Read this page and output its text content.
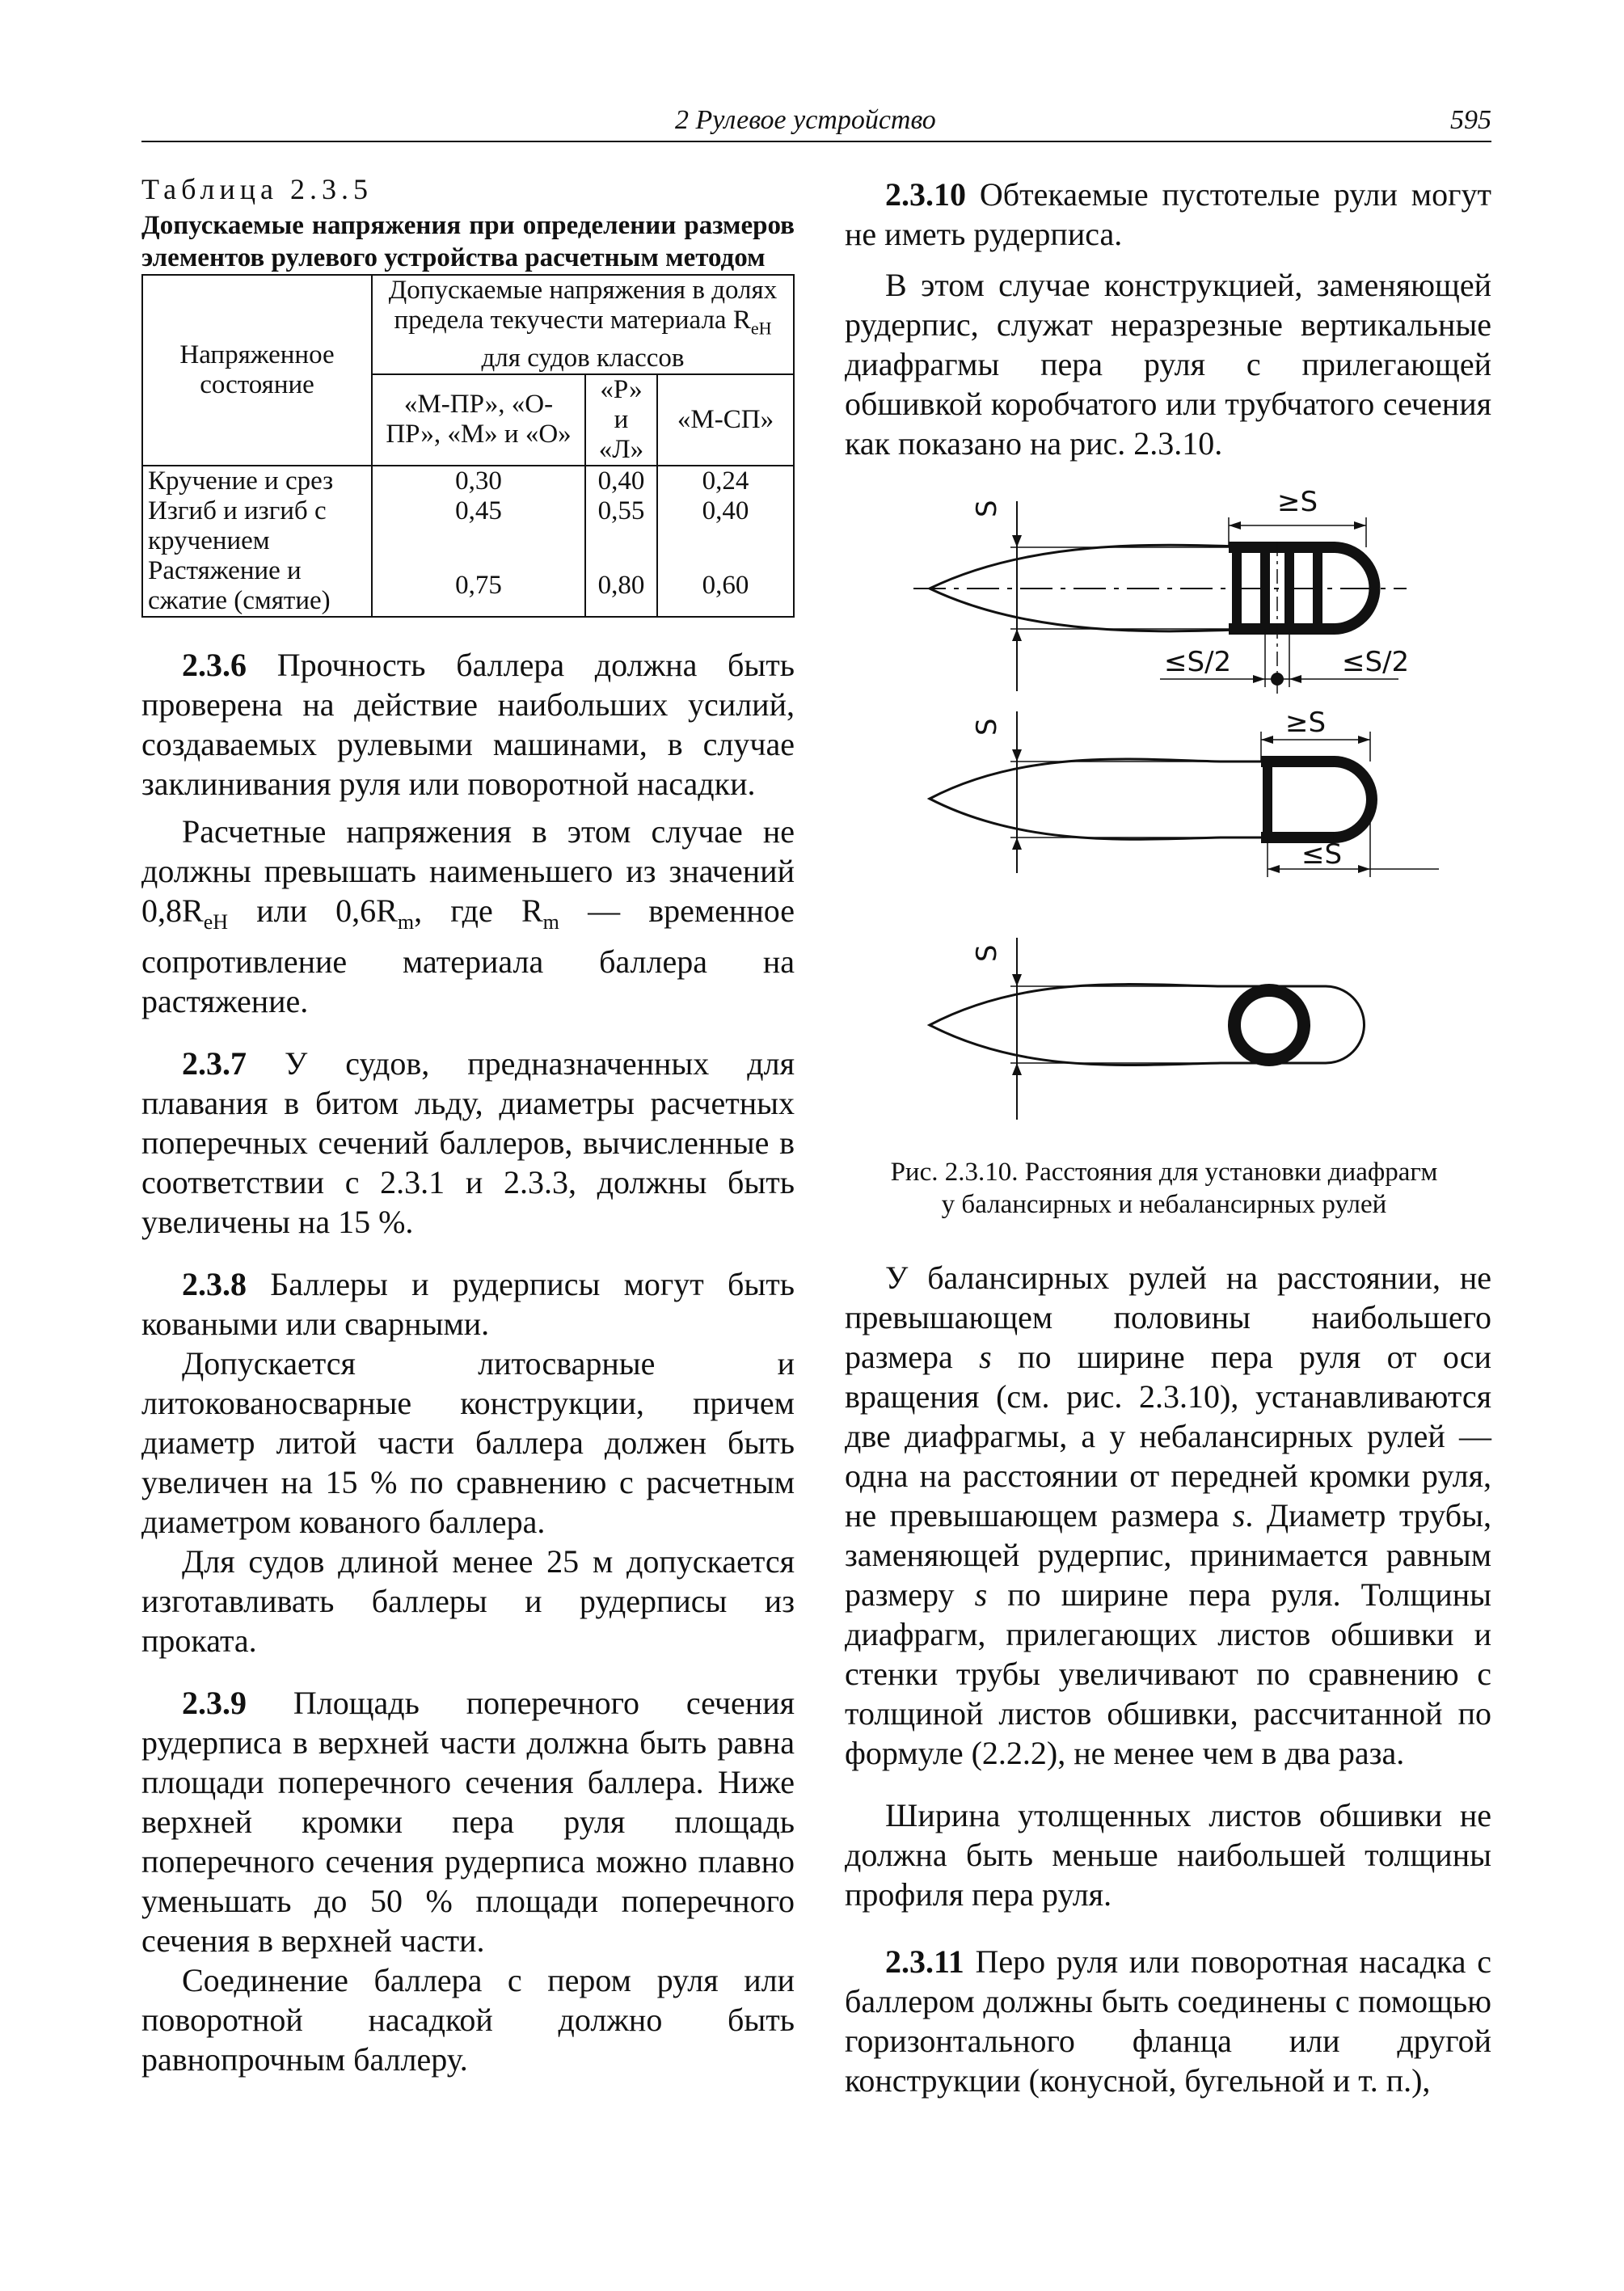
2 Рулевое устройство	595

Таблица 2.3.5

Допускаемые напряжения при определении размеров элементов рулевого устройства расчетным методом

Напряженное состояние	Допускаемые напряжения в долях предела текучести материала $R_{eH}$ для судов классов		
	«М-ПР», «О-ПР», «М» и «О»	«Р» и «Л»	«М-СП»
Кручение и срез	0,30	0,40	0,24
Изгиб и изгиб с кручением	0,45	0,55	0,40
Растяжение и сжатие (смятие)	0,75	0,80	0,60

2.3.6 Прочность баллера должна быть проверена на действие наибольших усилий, создаваемых рулевыми машинами, в случае заклинивания руля или поворотной насадки.

Расчетные напряжения в этом случае не должны превышать наименьшего из значений $0,8R_{eH}$ или $0,6R_m$, где $R_m$ — временное сопротивление материала баллера на растяжение.

2.3.7 У судов, предназначенных для плавания в битом льду, диаметры расчетных поперечных сечений баллеров, вычисленные в соответствии с 2.3.1 и 2.3.3, должны быть увеличены на 15 %.

2.3.8 Баллеры и рудерписы могут быть коваными или сварными.

Допускается литосварные и литокованосварные конструкции, причем диаметр литой части баллера должен быть увеличен на 15 % по сравнению с расчетным диаметром кованого баллера.

Для судов длиной менее 25 м допускается изготавливать баллеры и рудерписы из проката.

2.3.9 Площадь поперечного сечения рудерписа в верхней части должна быть равна площади поперечного сечения баллера. Ниже верхней кромки пера руля площадь поперечного сечения рудерписа можно плавно уменьшать до 50 % площади поперечного сечения в верхней части.

Соединение баллера с пером руля или поворотной насадкой должно быть равнопрочным баллеру.

2.3.10 Обтекаемые пустотелые рули могут не иметь рудерписа.

В этом случае конструкцией, заменяющей рудерпис, служат неразрезные вертикальные диафрагмы пера руля с прилегающей обшивкой коробчатого или трубчатого сечения как показано на рис. 2.3.10.

S	≥S
≤S/2	≤S/2
S	≥S
≤S
S
Рис. 2.3.10. Расстояния для установки диафрагм
у балансирных и небалансирных рулей

У балансирных рулей на расстоянии, не превышающем половины наибольшего размера s по ширине пера руля от оси вращения (см. рис. 2.3.10), устанавливаются две диафрагмы, а у небалансирных рулей — одна на расстоянии от передней кромки руля, не превышающем размера s. Диаметр трубы, заменяющей рудерпис, принимается равным размеру s по ширине пера руля. Толщины диафрагм, прилегающих листов обшивки и стенки трубы увеличивают по сравнению с толщиной листов обшивки, рассчитанной по формуле (2.2.2), не менее чем в два раза.

Ширина утолщенных листов обшивки не должна быть меньше наибольшей толщины профиля пера руля.

2.3.11 Перо руля или поворотная насадка с баллером должны быть соединены с помощью горизонтального фланца или другой конструкции (конусной, бугельной и т. п.),
